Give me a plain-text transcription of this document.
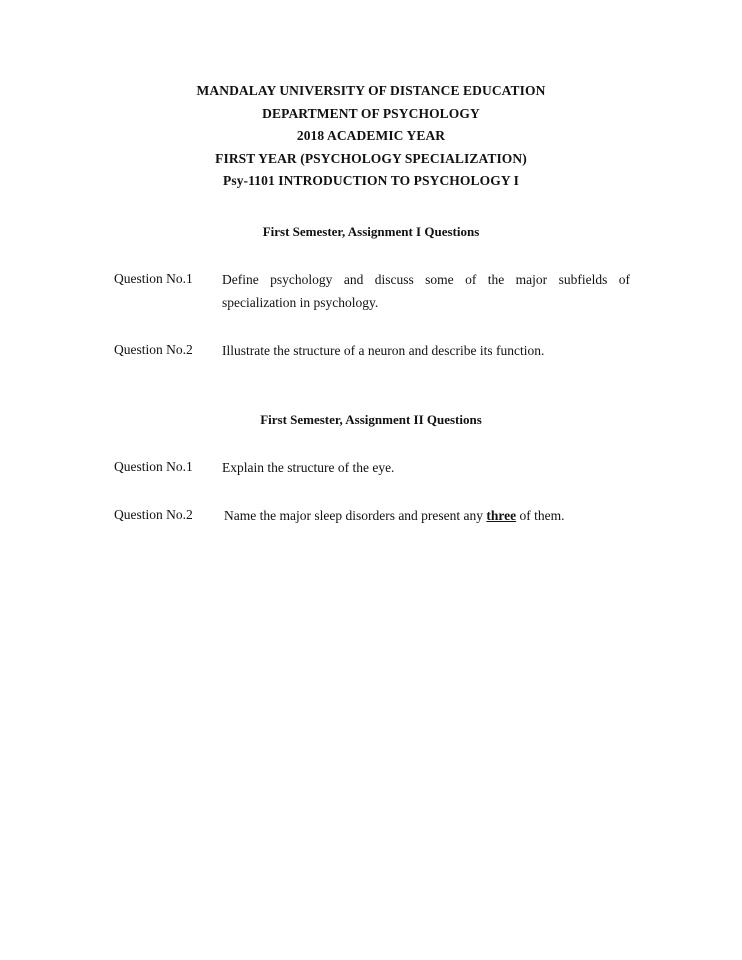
MANDALAY UNIVERSITY OF DISTANCE EDUCATION
DEPARTMENT OF PSYCHOLOGY
2018 ACADEMIC YEAR
FIRST YEAR (PSYCHOLOGY SPECIALIZATION)
Psy-1101 INTRODUCTION TO PSYCHOLOGY I
First Semester, Assignment I Questions
Question No.1 Define psychology and discuss some of the major subfields of specialization in psychology.
Question No.2 Illustrate the structure of a neuron and describe its function.
First Semester, Assignment II Questions
Question No.1 Explain the structure of the eye.
Question No.2 Name the major sleep disorders and present any three of them.
